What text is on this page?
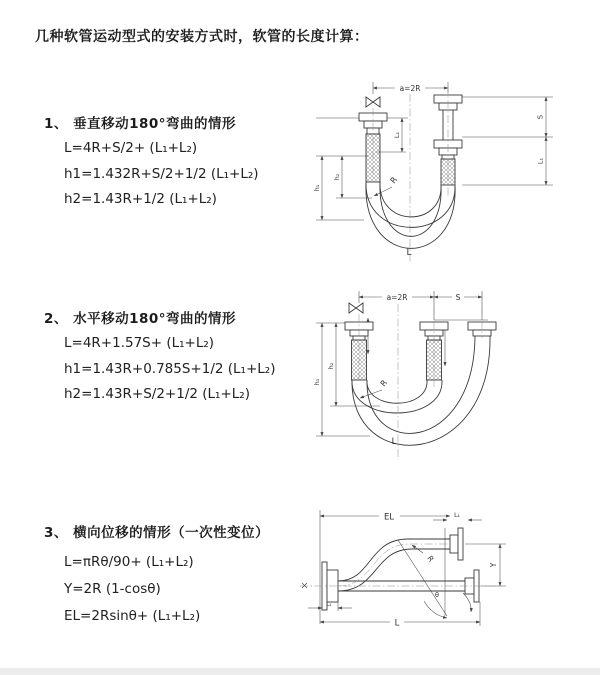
几种软管运动型式的安装方式时，软管的长度计算：
1、 垂直移动180°弯曲的情形
L=4R+S/2+ (L₁+L₂)
h1=1.432R+S/2+1/2 (L₁+L₂)
h2=1.43R+1/2 (L₁+L₂)
a=2R
L₁
h₁
h₂
S
L₁
R
L
2、 水平移动180°弯曲的情形
L=4R+1.57S+ (L₁+L₂)
h1=1.43R+0.785S+1/2 (L₁+L₂)
h2=1.43R+S/2+1/2 (L₁+L₂)
a=2R	S
h₁
h₂
R
L
3、 横向位移的情形（一次性变位）
L=πRθ/90+ (L₁+L₂)
Y=2R (1-cosθ)
EL=2Rsinθ+ (L₁+L₂)
EL	L₁
Y
L
L₁
R
θ
